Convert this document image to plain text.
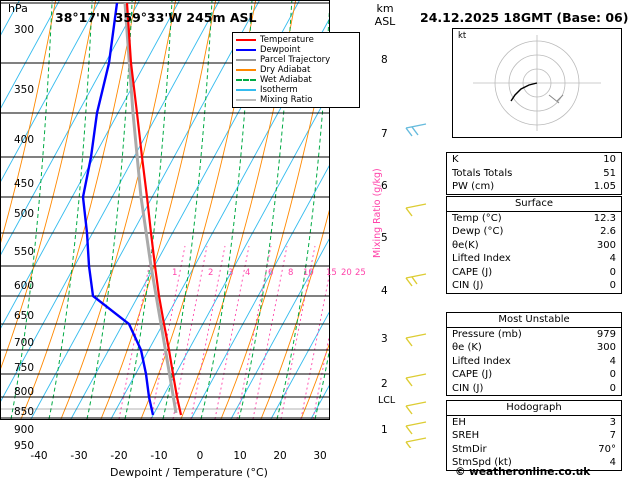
hPa
38°17'N 359°33'W 245m ASL
km
ASL	24.12.2025 18GMT (Base: 06)
Temperature
Dewpoint
Parcel Trajectory
Dry Adiabat
Wet Adiabat
Isotherm
Mixing Ratio
300
350
400
450
500
550
600
650
700
750
800
850
900
950
-40	-30	-20	-10	0	10	20	30
Dewpoint / Temperature (°C)
8
7
6
5
4
3
2
1
1	2 3 4 6 8 10 15 20 25
Mixing Ratio (g/kg)
LCL
kt
K	10
Totals Totals	51
PW (cm)	1.05
Surface
Temp (°C)	12.3
Dewp (°C)	2.6
θe(K)	300
Lifted Index	4
CAPE (J)	0
CIN (J)	0
Most Unstable
Pressure (mb)	979
θe (K)	300
Lifted Index	4
CAPE (J)	0
CIN (J)	0
Hodograph
EH	3
SREH	7
StmDir	70°
StmSpd (kt)	4
© weatheronline.co.uk
